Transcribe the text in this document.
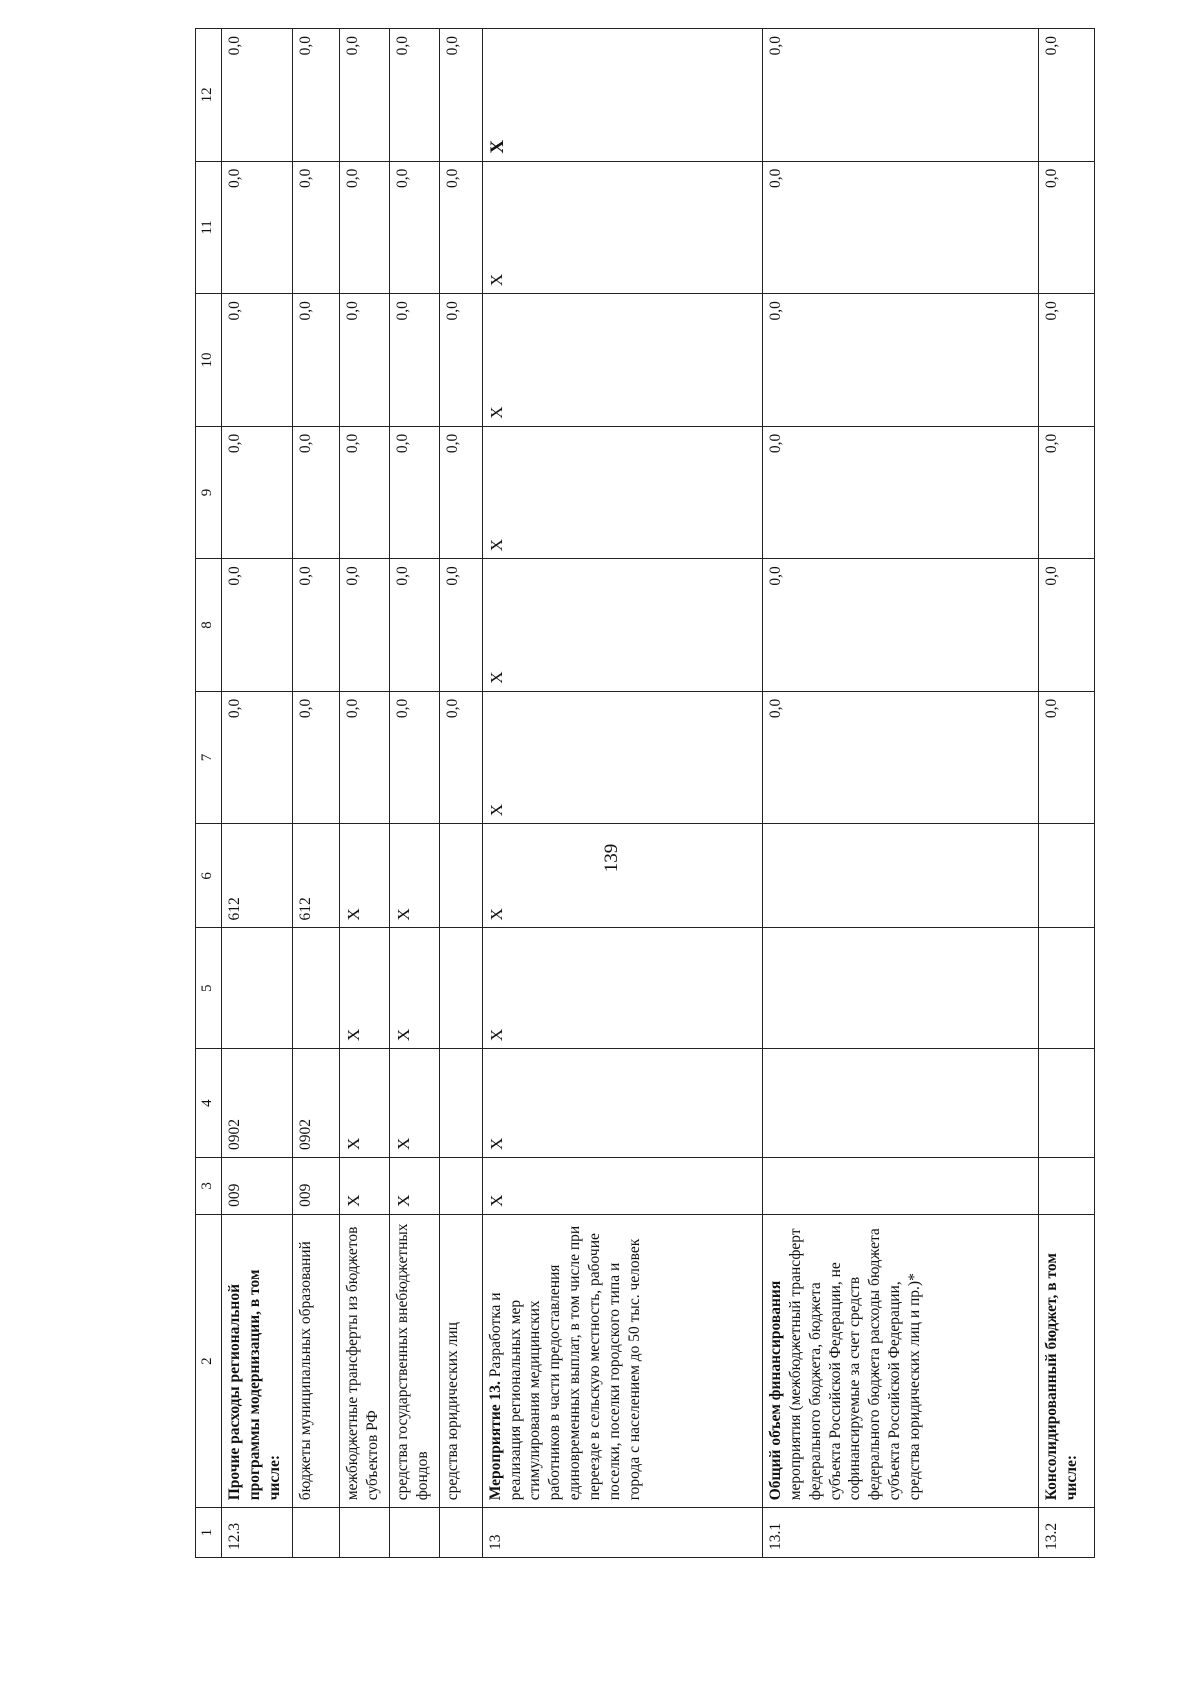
139
1	2	3	4	5	6	7	8	9	10	11	12
12.3	Прочие расходы региональной программы модернизации, в том числе:	009	0902		612	0,0	0,0	0,0	0,0	0,0	0,0
	бюджеты муниципальных образований	009	0902		612	0,0	0,0	0,0	0,0	0,0	0,0
	межбюджетные трансферты из бюджетов субъектов РФ	X	X	X	X	0,0	0,0	0,0	0,0	0,0	0,0
	средства государственных внебюджетных фондов	X	X	X	X	0,0	0,0	0,0	0,0	0,0	0,0
	средства юридических лиц					0,0	0,0	0,0	0,0	0,0	0,0
13	Мероприятие 13. Разработка и реализация региональных мер стимулирования медицинских работников в части предоставления единовременных выплат, в том числе при переезде в сельскую местность, рабочие поселки, поселки городского типа и города с населением до 50 тыс. человек	X	X	X	X	X	X	X	X	X	X
13.1	Общий объем финансирования мероприятия (межбюджетный трансферт федерального бюджета, бюджета субъекта Российской Федерации, не софинансируемые за счет средств федерального бюджета расходы бюджета субъекта Российской Федерации, средства юридических лиц и пр.)*					0,0	0,0	0,0	0,0	0,0	0,0
13.2	Консолидированный бюджет, в том числе:					0,0	0,0	0,0	0,0	0,0	0,0
